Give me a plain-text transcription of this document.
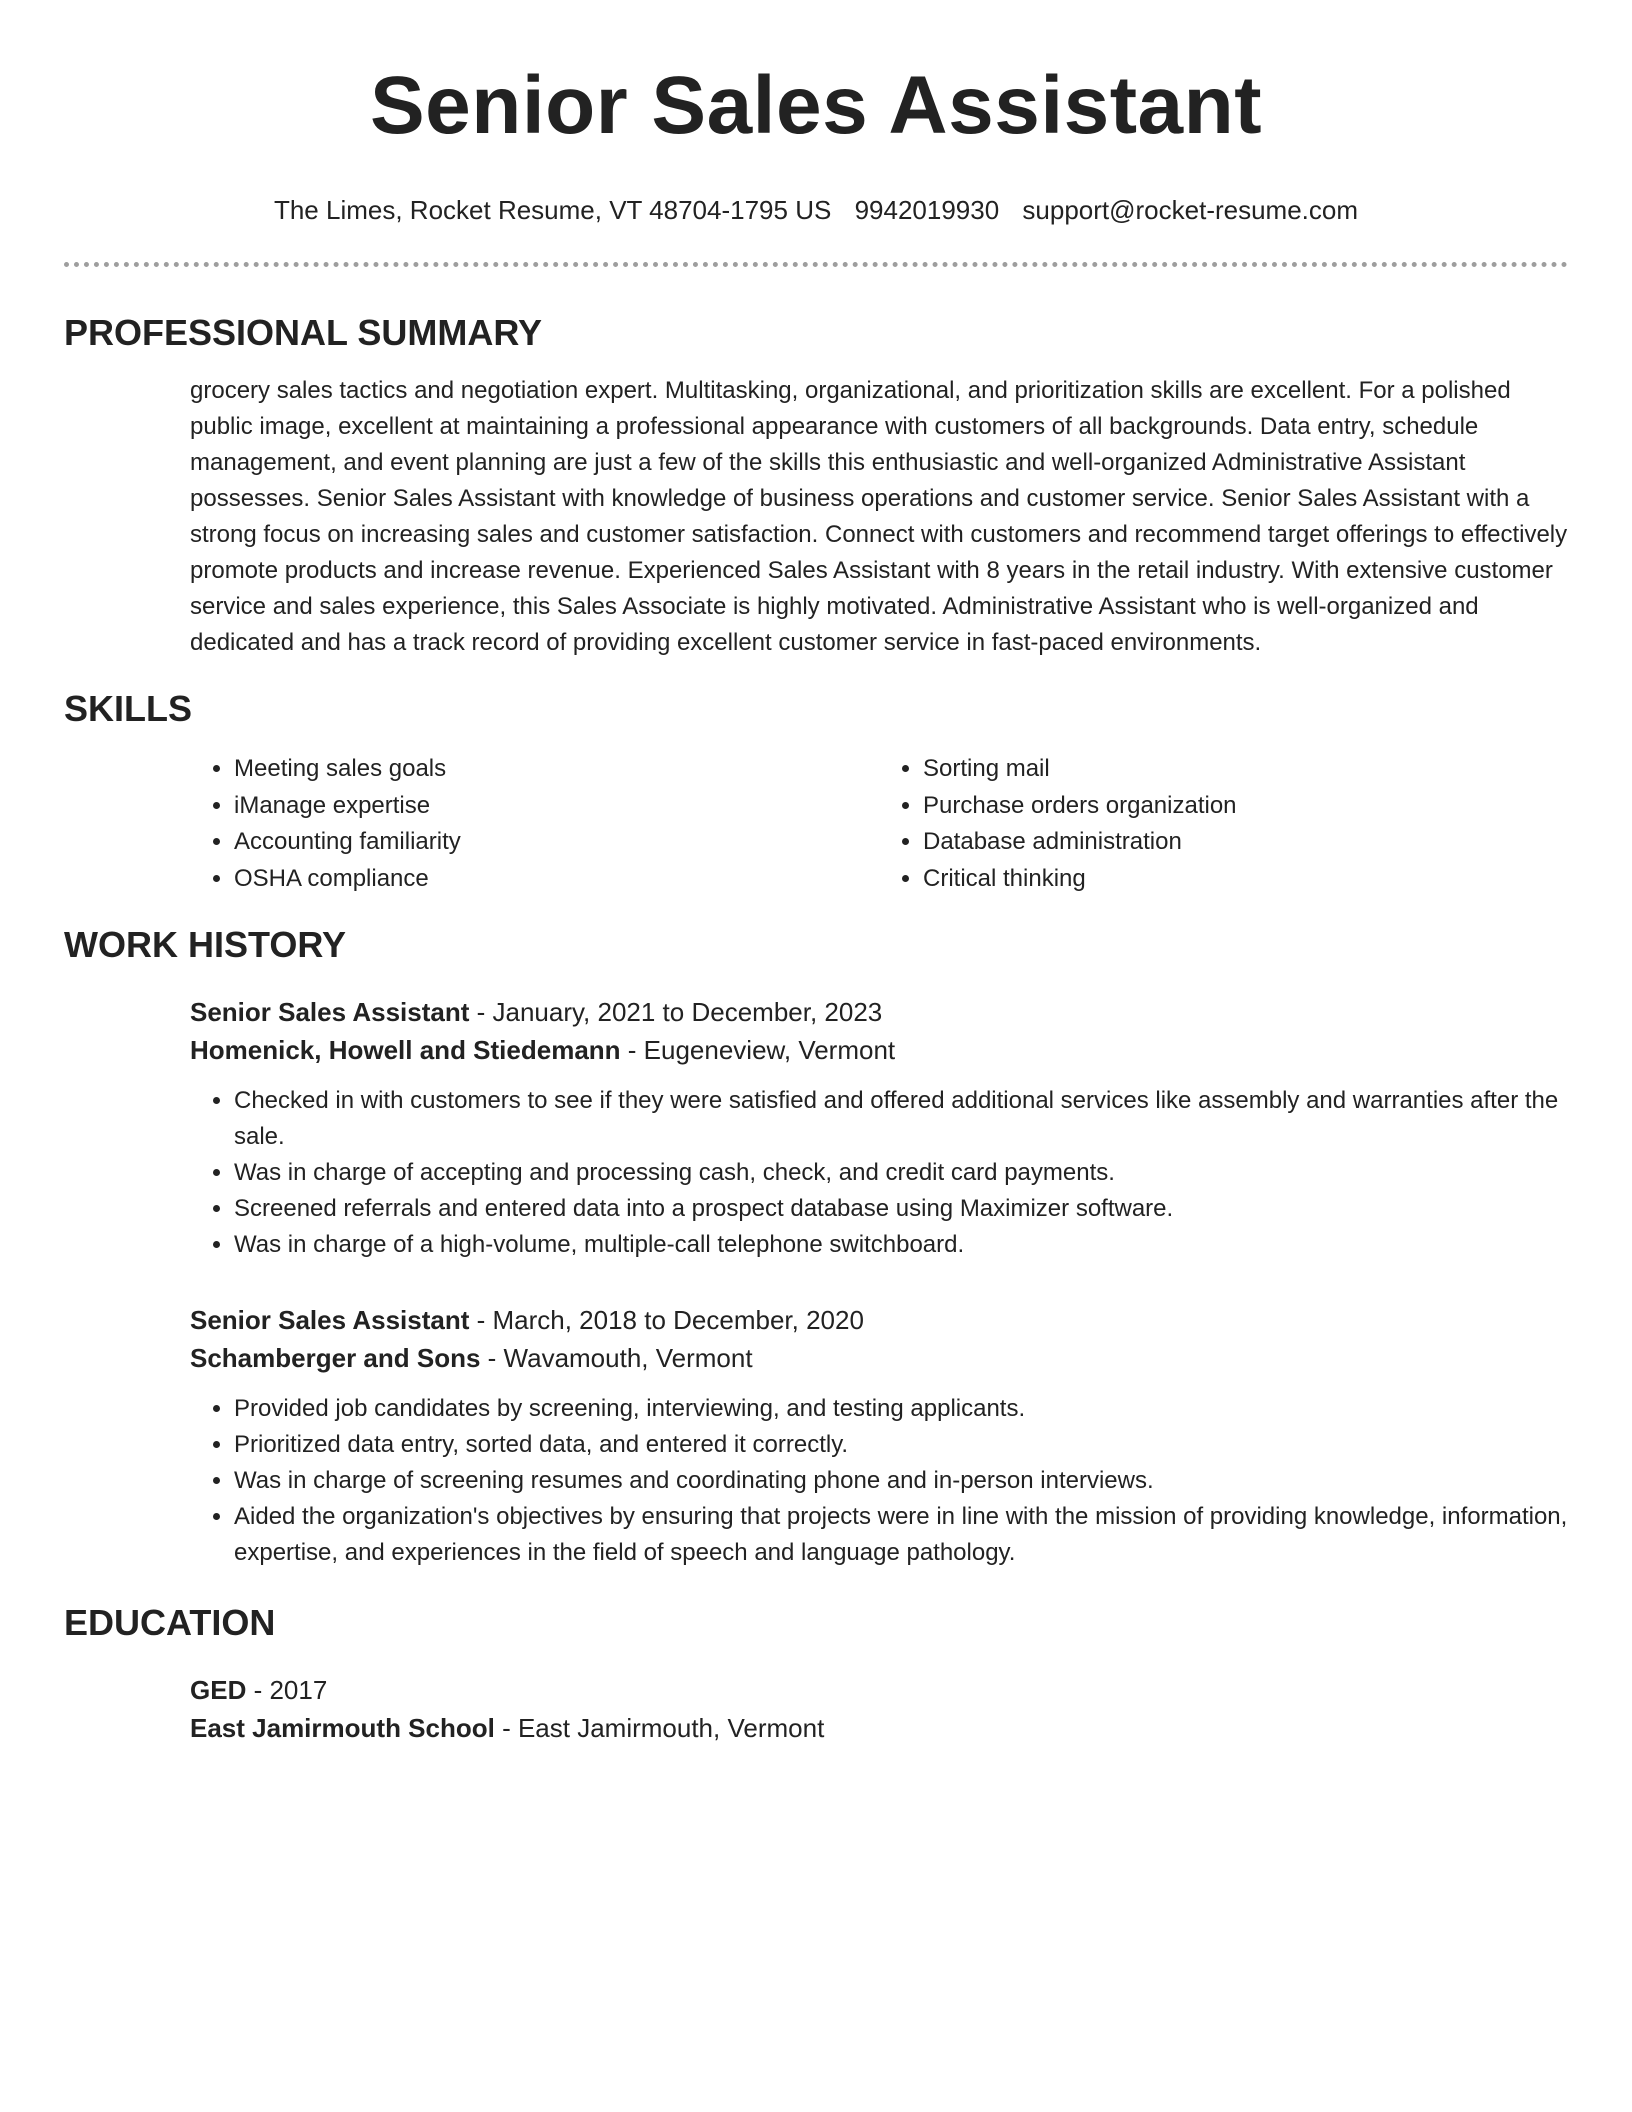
Senior Sales Assistant
The Limes, Rocket Resume, VT 48704-1795 US 9942019930 support@rocket-resume.com
PROFESSIONAL SUMMARY
grocery sales tactics and negotiation expert. Multitasking, organizational, and prioritization skills are excellent. For a polished public image, excellent at maintaining a professional appearance with customers of all backgrounds. Data entry, schedule management, and event planning are just a few of the skills this enthusiastic and well-organized Administrative Assistant possesses. Senior Sales Assistant with knowledge of business operations and customer service. Senior Sales Assistant with a strong focus on increasing sales and customer satisfaction. Connect with customers and recommend target offerings to effectively promote products and increase revenue. Experienced Sales Assistant with 8 years in the retail industry. With extensive customer service and sales experience, this Sales Associate is highly motivated. Administrative Assistant who is well-organized and dedicated and has a track record of providing excellent customer service in fast-paced environments.
SKILLS
• Meeting sales goals
• iManage expertise
• Accounting familiarity
• OSHA compliance
• Sorting mail
• Purchase orders organization
• Database administration
• Critical thinking
WORK HISTORY
Senior Sales Assistant - January, 2021 to December, 2023
Homenick, Howell and Stiedemann - Eugeneview, Vermont
• Checked in with customers to see if they were satisfied and offered additional services like assembly and warranties after the sale.
• Was in charge of accepting and processing cash, check, and credit card payments.
• Screened referrals and entered data into a prospect database using Maximizer software.
• Was in charge of a high-volume, multiple-call telephone switchboard.
Senior Sales Assistant - March, 2018 to December, 2020
Schamberger and Sons - Wavamouth, Vermont
• Provided job candidates by screening, interviewing, and testing applicants.
• Prioritized data entry, sorted data, and entered it correctly.
• Was in charge of screening resumes and coordinating phone and in-person interviews.
• Aided the organization's objectives by ensuring that projects were in line with the mission of providing knowledge, information, expertise, and experiences in the field of speech and language pathology.
EDUCATION
GED - 2017
East Jamirmouth School - East Jamirmouth, Vermont
